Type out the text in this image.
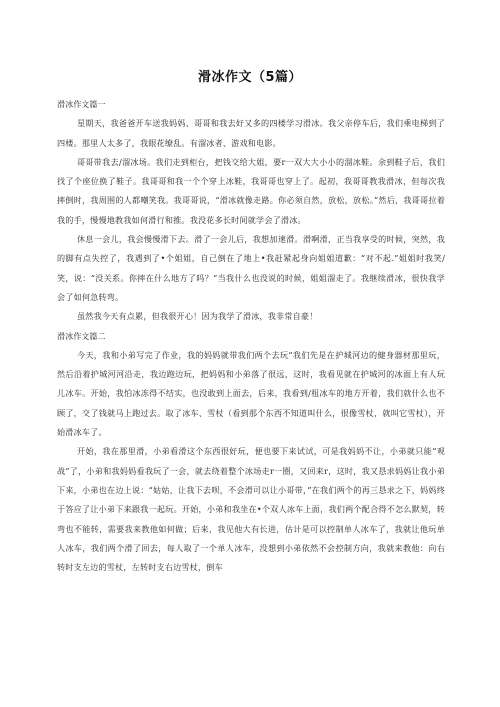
滑冰作文（5篇）

滑冰作文篇一

星期天，我爸爸开车送我妈妈、哥哥和我去好又多的四楼学习滑冰。我父亲停车后，我们乘电梯到了四楼。那里人太多了，我眼花缭乱。有溜冰者、游戏和电影。

哥哥带我去/溜冰场。我们走到柜台，把钱交给大姐，要r一双大大小小的溜冰鞋。余到鞋子后，我们找了个座位换了鞋子。我哥哥和我一个个穿上冰鞋，我哥哥也穿上了。起初，我哥哥教我滑冰，但每次我摔倒时，我周围的人都嘲笑我。我哥哥说，“滑冰就像走路。你必须自然，放松，放松。”然后，我哥哥拉着我的手，慢慢地教我如何滑行和推。我没花多长时间就学会了滑冰。

休息一会儿，我会慢慢滑下去。滑了一会儿后，我想加速滑。滑啊滑，正当我享受的时候，突然，我的脚有点失控了，我遇到了•个姐姐，自己倒在了地上•我赶紧起身向姐姐道歉：“对不起.”姐姐时我笑/笑，说：“没关系。你摔在什么地方了吗？”当我什么也没说的时候，姐姐溜走了。我继续滑冰，很快我学会了如何急转弯。

虽然我今天有点累，但我很开心！因为我学了滑冰，我非常自豪！

滑冰作文篇二

今天，我和小弟写完了作业，我的妈妈就带我们两个去玩“我们先是在护城河边的健身器材那里玩，然后沿着护城河河沿走，我边跑边玩，把妈妈和小弟落了很远，这时，我看见就在护城河的冰面上有人玩儿冰车。开始，我怕冰冻得不结实，也没敢到上面去，后来，我看到/租冰车的地方开着，我们就什么也不顾了，交了钱就马上跑过去。取了冰车、雪杖（看到那个东西不知道叫什么，很像雪杖，就叫它雪杖），开始滑冰车了。

开始，我在那里滑，小弟看滑这个东西很好玩，便也要下来试试，可是我妈妈不让，小弟就只能“观战”了，小弟和我妈妈看我玩了一会，就去绕着整个冰场走r一圈，又回来r，这时，我又恳求妈妈让我小弟下来，小弟也在边上说：“姑姑，让我下去呗，不会滑可以让小哥带，”在我们两个的再三恳求之下，妈妈终于答应了让小弟下来跟我一起玩。开始，小弟和我坐在•个双人冰车上面，我们两个配合得不怎么默契，转弯也不能转，需要我来教他如何做；后来，我见他大有长进，估计是可以控制单人冰车了，我就让他玩单人冰车，我们两个滑了回去，每人取了一个单人冰车，没想到小弟依然不会控制方向，我就来教他：向右转时支左边的雪杖，左转时支右边雪杖，倒车
